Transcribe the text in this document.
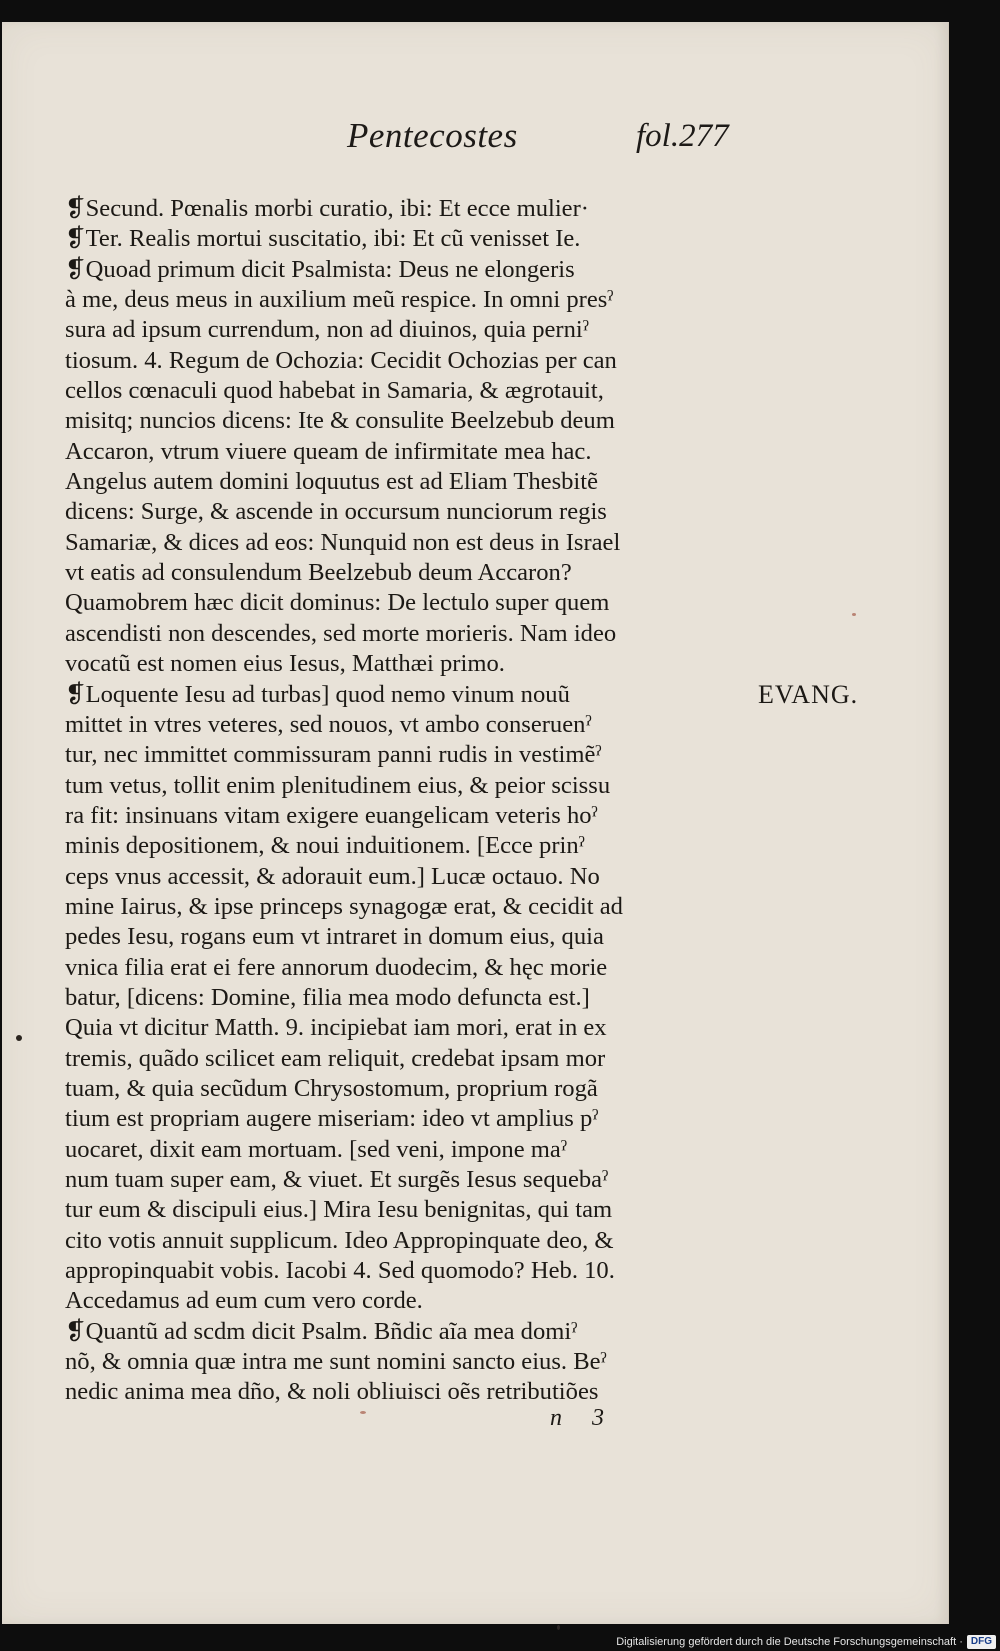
Pentecostes	fol.277
❡Secund. Pœnalis morbi curatio, ibi: Et ecce mulier·
❡Ter. Realis mortui suscitatio, ibi: Et cũ venisset Ie.
❡Quoad primum dicit Psalmista: Deus ne elongeris
à me, deus meus in auxilium meũ respice. In omni presˀ
sura ad ipsum currendum, non ad diuinos, quia perniˀ
tiosum. 4. Regum de Ochozia: Cecidit Ochozias per can
cellos cœnaculi quod habebat in Samaria, & ægrotauit,
misitq; nuncios dicens: Ite & consulite Beelzebub deum
Accaron, vtrum viuere queam de infirmitate mea hac.
Angelus autem domini loquutus est ad Eliam Thesbitẽ
dicens: Surge, & ascende in occursum nunciorum regis
Samariæ, & dices ad eos: Nunquid non est deus in Israel
vt eatis ad consulendum Beelzebub deum Accaron?
Quamobrem hæc dicit dominus: De lectulo super quem
ascendisti non descendes, sed morte morieris. Nam ideo
vocatũ est nomen eius Iesus, Matthæi primo.
❡Loquente Iesu ad turbas] quod nemo vinum nouũ
mittet in vtres veteres, sed nouos, vt ambo conseruenˀ
tur, nec immittet commissuram panni rudis in vestimẽˀ
tum vetus, tollit enim plenitudinem eius, & peior scissu
ra fit: insinuans vitam exigere euangelicam veteris hoˀ
minis depositionem, & noui induitionem. [Ecce prinˀ
ceps vnus accessit, & adorauit eum.] Lucæ octauo. No
mine Iairus, & ipse princeps synagogæ erat, & cecidit ad
pedes Iesu, rogans eum vt intraret in domum eius, quia
vnica filia erat ei fere annorum duodecim, & hęc morie
batur, [dicens: Domine, filia mea modo defuncta est.]
Quia vt dicitur Matth. 9. incipiebat iam mori, erat in ex
tremis, quãdo scilicet eam reliquit, credebat ipsam mor
tuam, & quia secũdum Chrysostomum, proprium rogã
tium est propriam augere miseriam: ideo vt amplius pˀ
uocaret, dixit eam mortuam. [sed veni, impone maˀ
num tuam super eam, & viuet. Et surgẽs Iesus sequebaˀ
tur eum & discipuli eius.] Mira Iesu benignitas, qui tam
cito votis annuit supplicum. Ideo Appropinquate deo, &
appropinquabit vobis. Iacobi 4. Sed quomodo? Heb. 10.
Accedamus ad eum cum vero corde.
❡Quantũ ad scdm dicit Psalm. Bñdic aĩa mea domiˀ
nõ, & omnia quæ intra me sunt nomini sancto eius. Beˀ
nedic anima mea dño, & noli obliuisci oẽs retributiões
EVANG.
n 3
Digitalisierung gefördert durch die Deutsche Forschungsgemeinschaft · DFG
